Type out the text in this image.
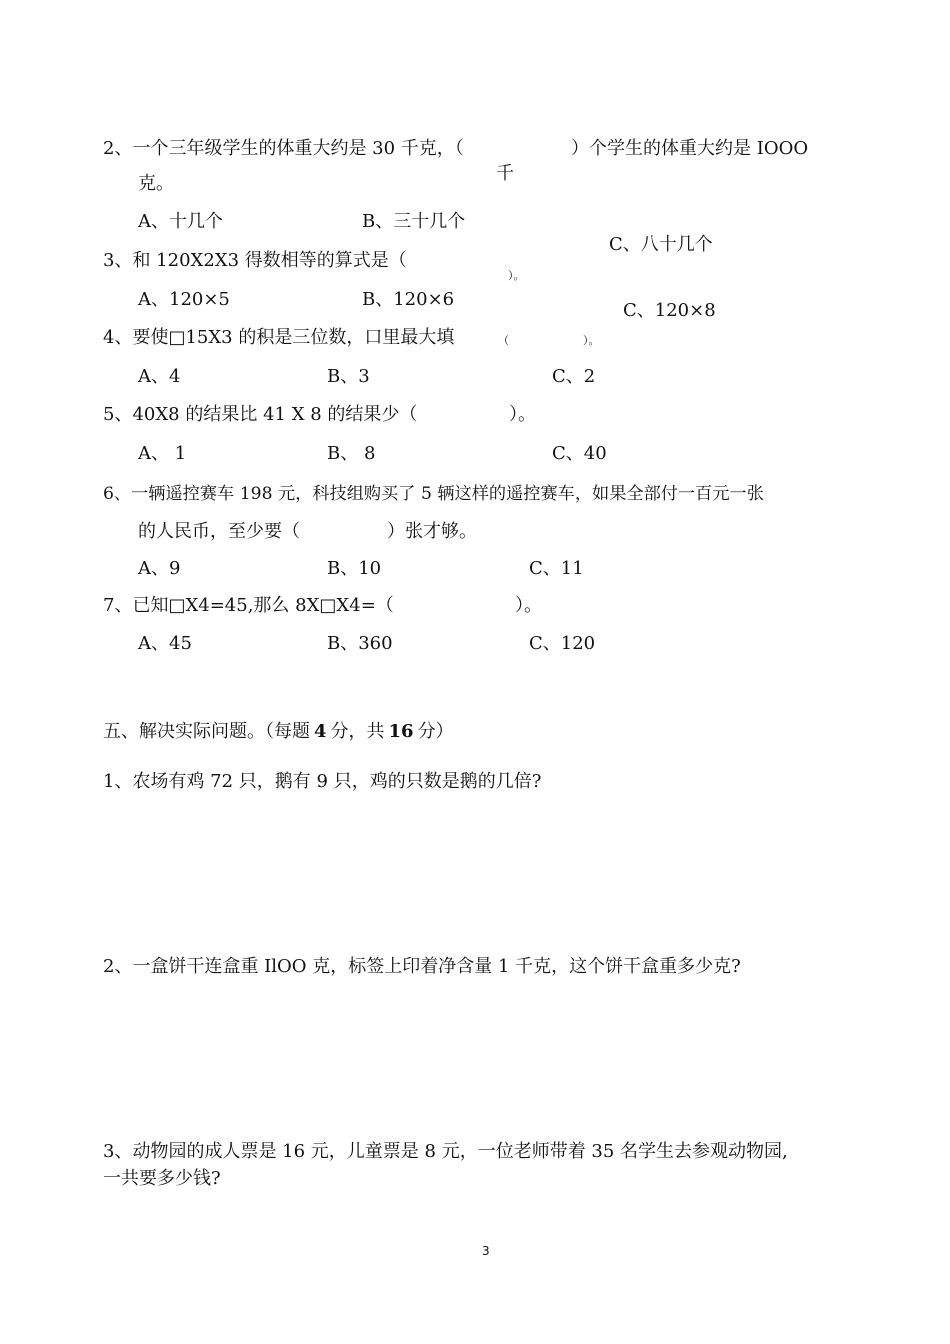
2、一个三年级学生的体重大约是 30 千克，（	）个学生的体重大约是 IOOO
千
克。
A、十几个	B、三十几个
C、八十几个
3、和 120X2X3 得数相等的算式是（
）。
A、120×5	B、120×6
C、120×8
4、要使□15X3 的积是三位数，口里最大填	（	）。
A、4	B、3	C、2
5、40X8 的结果比 41 X 8 的结果少（	）。
A、 1	B、 8	C、40
6、一辆遥控赛车 198 元，科技组购买了 5 辆这样的遥控赛车，如果全部付一百元一张
的人民币，至少要（	）张才够。
A、9	B、10	C、11
7、已知□X4=45,那么 8X□X4=（	）。
A、45	B、360	C、120
五、解决实际问题。（每题 4 分，共 16 分）
1、农场有鸡 72 只，鹅有 9 只，鸡的只数是鹅的几倍?
2、一盒饼干连盒重 IlOO 克，标签上印着净含量 1 千克，这个饼干盒重多少克?
3、动物园的成人票是 16 元，儿童票是 8 元，一位老师带着 35 名学生去参观动物园,
一共要多少钱?
3
